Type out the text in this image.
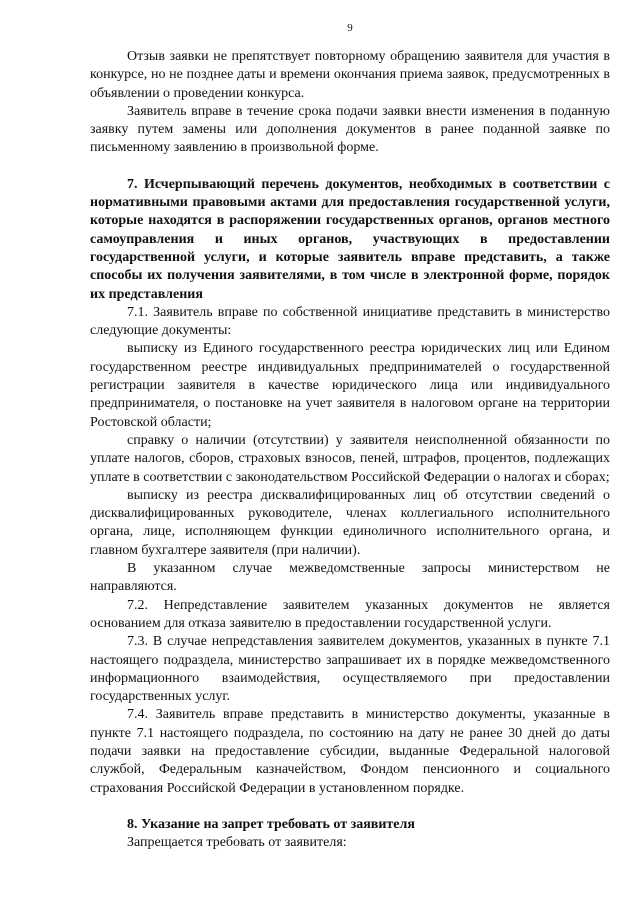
9

Отзыв заявки не препятствует повторному обращению заявителя для участия в конкурсе, но не позднее даты и времени окончания приема заявок, предусмотренных в объявлении о проведении конкурса.

Заявитель вправе в течение срока подачи заявки внести изменения в поданную заявку путем замены или дополнения документов в ранее поданной заявке по письменному заявлению в произвольной форме.

7. Исчерпывающий перечень документов, необходимых в соответствии с нормативными правовыми актами для предоставления государственной услуги, которые находятся в распоряжении государственных органов, органов местного самоуправления и иных органов, участвующих в предоставлении государственной услуги, и которые заявитель вправе представить, а также способы их получения заявителями, в том числе в электронной форме, порядок их представления

7.1. Заявитель вправе по собственной инициативе представить в министерство следующие документы:

выписку из Единого государственного реестра юридических лиц или Едином государственном реестре индивидуальных предпринимателей о государственной регистрации заявителя в качестве юридического лица или индивидуального предпринимателя, о постановке на учет заявителя в налоговом органе на территории Ростовской области;

справку о наличии (отсутствии) у заявителя неисполненной обязанности по уплате налогов, сборов, страховых взносов, пеней, штрафов, процентов, подлежащих уплате в соответствии с законодательством Российской Федерации о налогах и сборах;

выписку из реестра дисквалифицированных лиц об отсутствии сведений о дисквалифицированных руководителе, членах коллегиального исполнительного органа, лице, исполняющем функции единоличного исполнительного органа, и главном бухгалтере заявителя (при наличии).

В указанном случае межведомственные запросы министерством не направляются.

7.2. Непредставление заявителем указанных документов не является основанием для отказа заявителю в предоставлении государственной услуги.

7.3. В случае непредставления заявителем документов, указанных в пункте 7.1 настоящего подраздела, министерство запрашивает их в порядке межведомственного информационного взаимодействия, осуществляемого при предоставлении государственных услуг.

7.4. Заявитель вправе представить в министерство документы, указанные в пункте 7.1 настоящего подраздела, по состоянию на дату не ранее 30 дней до даты подачи заявки на предоставление субсидии, выданные Федеральной налоговой службой, Федеральным казначейством, Фондом пенсионного и социального страхования Российской Федерации в установленном порядке.

8. Указание на запрет требовать от заявителя

Запрещается требовать от заявителя:
